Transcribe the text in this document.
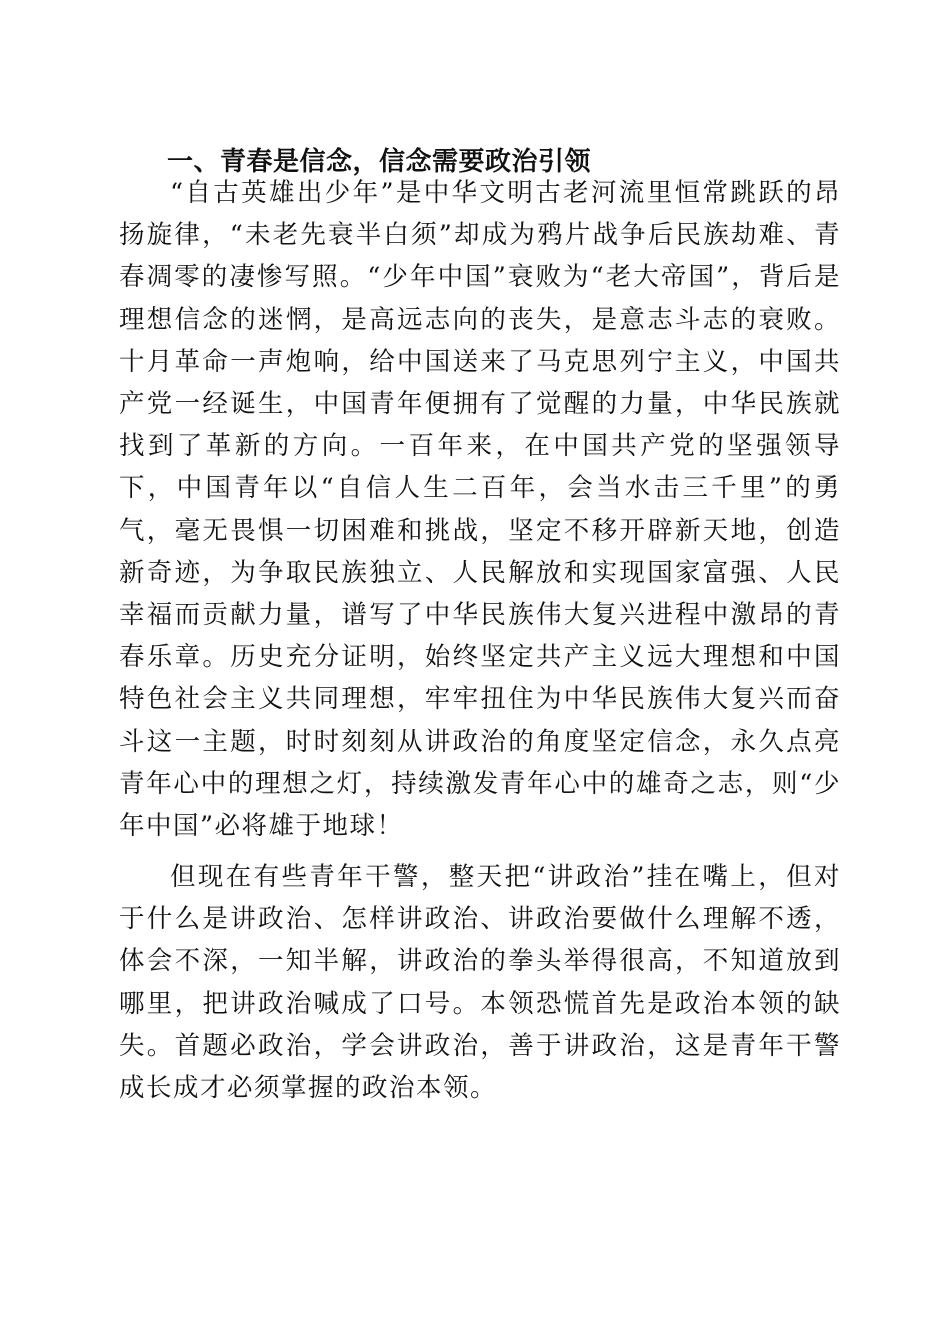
一、青春是信念，信念需要政治引领

“自古英雄出少年”是中华文明古老河流里恒常跳跃的昂扬旋律，“未老先衰半白须”却成为鸦片战争后民族劫难、青春凋零的凄惨写照。“少年中国”衰败为“老大帝国”，背后是理想信念的迷惘，是高远志向的丧失，是意志斗志的衰败。十月革命一声炮响，给中国送来了马克思列宁主义，中国共产党一经诞生，中国青年便拥有了觉醒的力量，中华民族就找到了革新的方向。一百年来，在中国共产党的坚强领导下，中国青年以“自信人生二百年，会当水击三千里”的勇气，毫无畏惧一切困难和挑战，坚定不移开辟新天地，创造新奇迹，为争取民族独立、人民解放和实现国家富强、人民幸福而贡献力量，谱写了中华民族伟大复兴进程中激昂的青春乐章。历史充分证明，始终坚定共产主义远大理想和中国特色社会主义共同理想，牢牢扭住为中华民族伟大复兴而奋斗这一主题，时时刻刻从讲政治的角度坚定信念，永久点亮青年心中的理想之灯，持续激发青年心中的雄奇之志，则“少年中国”必将雄于地球！

但现在有些青年干警，整天把“讲政治”挂在嘴上，但对于什么是讲政治、怎样讲政治、讲政治要做什么理解不透，体会不深，一知半解，讲政治的拳头举得很高，不知道放到哪里，把讲政治喊成了口号。本领恐慌首先是政治本领的缺失。首题必政治，学会讲政治，善于讲政治，这是青年干警成长成才必须掌握的政治本领。
